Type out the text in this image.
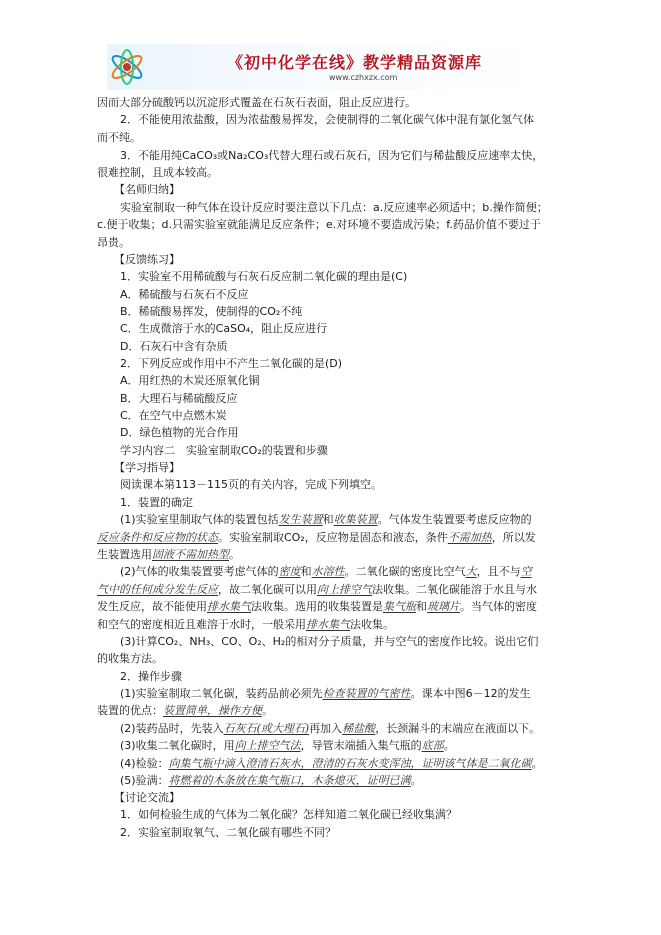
《初中化学在线》教学精品资源库
www.czhxzx.com
因而大部分硫酸钙以沉淀形式覆盖在石灰石表面，阻止反应进行。
2．不能使用浓盐酸，因为浓盐酸易挥发，会使制得的二氧化碳气体中混有氯化氢气体
而不纯。
3．不能用纯CaCO₃或Na₂CO₃代替大理石或石灰石，因为它们与稀盐酸反应速率太快，
很难控制，且成本较高。
【名师归纳】
实验室制取一种气体在设计反应时要注意以下几点：a.反应速率必须适中；b.操作简便；
c.便于收集；d.只需实验室就能满足反应条件；e.对环境不要造成污染；f.药品价值不要过于
昂贵。
【反馈练习】
1．实验室不用稀硫酸与石灰石反应制二氧化碳的理由是(C)
A．稀硫酸与石灰石不反应
B．稀硫酸易挥发，使制得的CO₂不纯
C．生成微溶于水的CaSO₄，阻止反应进行
D．石灰石中含有杂质
2．下列反应或作用中不产生二氧化碳的是(D)
A．用红热的木炭还原氧化铜
B．大理石与稀硫酸反应
C．在空气中点燃木炭
D．绿色植物的光合作用
学习内容二　实验室制取CO₂的装置和步骤
【学习指导】
阅读课本第113－115页的有关内容，完成下列填空。
1．装置的确定
(1)实验室里制取气体的装置包括发生装置和收集装置。气体发生装置要考虑反应物的
反应条件和反应物的状态。实验室制取CO₂，反应物是固态和液态，条件不需加热，所以发
生装置选用固液不需加热型。
(2)气体的收集装置要考虑气体的密度和水溶性。二氧化碳的密度比空气大，且不与空
气中的任何成分发生反应，故二氧化碳可以用向上排空气法收集。二氧化碳能溶于水且与水
发生反应，故不能使用排水集气法收集。选用的收集装置是集气瓶和玻璃片。当气体的密度
和空气的密度相近且难溶于水时，一般采用排水集气法收集。
(3)计算CO₂、NH₃、CO、O₂、H₂的相对分子质量，并与空气的密度作比较。说出它们
的收集方法。
2．操作步骤
(1)实验室制取二氧化碳，装药品前必须先检查装置的气密性。课本中图6－12的发生
装置的优点：装置简单，操作方便。
(2)装药品时，先装入石灰石(或大理石)再加入稀盐酸，长颈漏斗的末端应在液面以下。
(3)收集二氧化碳时，用向上排空气法，导管末端插入集气瓶的底部。
(4)检验：向集气瓶中滴入澄清石灰水，澄清的石灰水变浑浊，证明该气体是二氧化碳。
(5)验满：将燃着的木条放在集气瓶口，木条熄灭，证明已满。
【讨论交流】
1．如何检验生成的气体为二氧化碳？怎样知道二氧化碳已经收集满？
2．实验室制取氧气、二氧化碳有哪些不同？
